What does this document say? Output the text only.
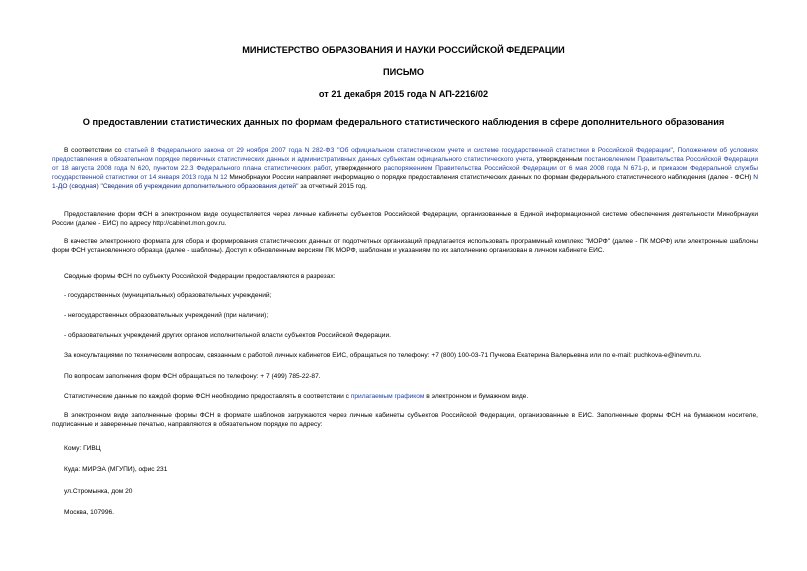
МИНИСТЕРСТВО ОБРАЗОВАНИЯ И НАУКИ РОССИЙСКОЙ ФЕДЕРАЦИИ
ПИСЬМО
от 21 декабря 2015 года N АП-2216/02
О предоставлении статистических данных по формам федерального статистического наблюдения в сфере дополнительного образования
В соответствии со статьей 8 Федерального закона от 29 ноября 2007 года N 282-ФЗ "Об официальном статистическом учете и системе государственной статистики в Российской Федерации", Положением об условиях предоставления в обязательном порядке первичных статистических данных и административных данных субъектам официального статистического учета, утвержденным постановлением Правительства Российской Федерации от 18 августа 2008 года N 620, пунктом 22.3 Федерального плана статистических работ, утвержденного распоряжением Правительства Российской Федерации от 6 мая 2008 года N 671-р, и приказом Федеральной службы государственной статистики от 14 января 2013 года N 12 Минобрнауки России направляет информацию о порядке предоставления статистических данных по формам федерального статистического наблюдения (далее - ФСН) N 1-ДО (сводная) "Сведения об учреждении дополнительного образования детей" за отчетный 2015 год.
Предоставление форм ФСН в электронном виде осуществляется через личные кабинеты субъектов Российской Федерации, организованные в Единой информационной системе обеспечения деятельности Минобрнауки России (далее - ЕИС) по адресу http://cabinet.mon.gov.ru.
В качестве электронного формата для сбора и формирования статистических данных от подотчетных организаций предлагается использовать программный комплекс "МОРФ" (далее - ПК МОРФ) или электронные шаблоны форм ФСН установленного образца (далее - шаблоны). Доступ к обновленным версиям ПК МОРФ, шаблонам и указаниям по их заполнению организован в личном кабинете ЕИС.
Сводные формы ФСН по субъекту Российской Федерации предоставляются в разрезах:
- государственных (муниципальных) образовательных учреждений;
- негосударственных образовательных учреждений (при наличии);
- образовательных учреждений других органов исполнительной власти субъектов Российской Федерации.
За консультациями по техническим вопросам, связанным с работой личных кабинетов ЕИС, обращаться по телефону: +7 (800) 100-03-71 Пучкова Екатерина Валерьевна или по e-mail: puchkova-e@inevm.ru.
По вопросам заполнения форм ФСН обращаться по телефону: + 7 (499) 785-22-87.
Статистические данные по каждой форме ФСН необходимо предоставлять в соответствии с прилагаемым графиком в электронном и бумажном виде.
В электронном виде заполненные формы ФСН в формате шаблонов загружаются через личные кабинеты субъектов Российской Федерации, организованные в ЕИС. Заполненные формы ФСН на бумажном носителе, подписанные и заверенные печатью, направляются в обязательном порядке по адресу:
Кому: ГИВЦ
Куда: МИРЭА (МГУПИ), офис 231
ул.Стромынка, дом 20
Москва, 107996.
